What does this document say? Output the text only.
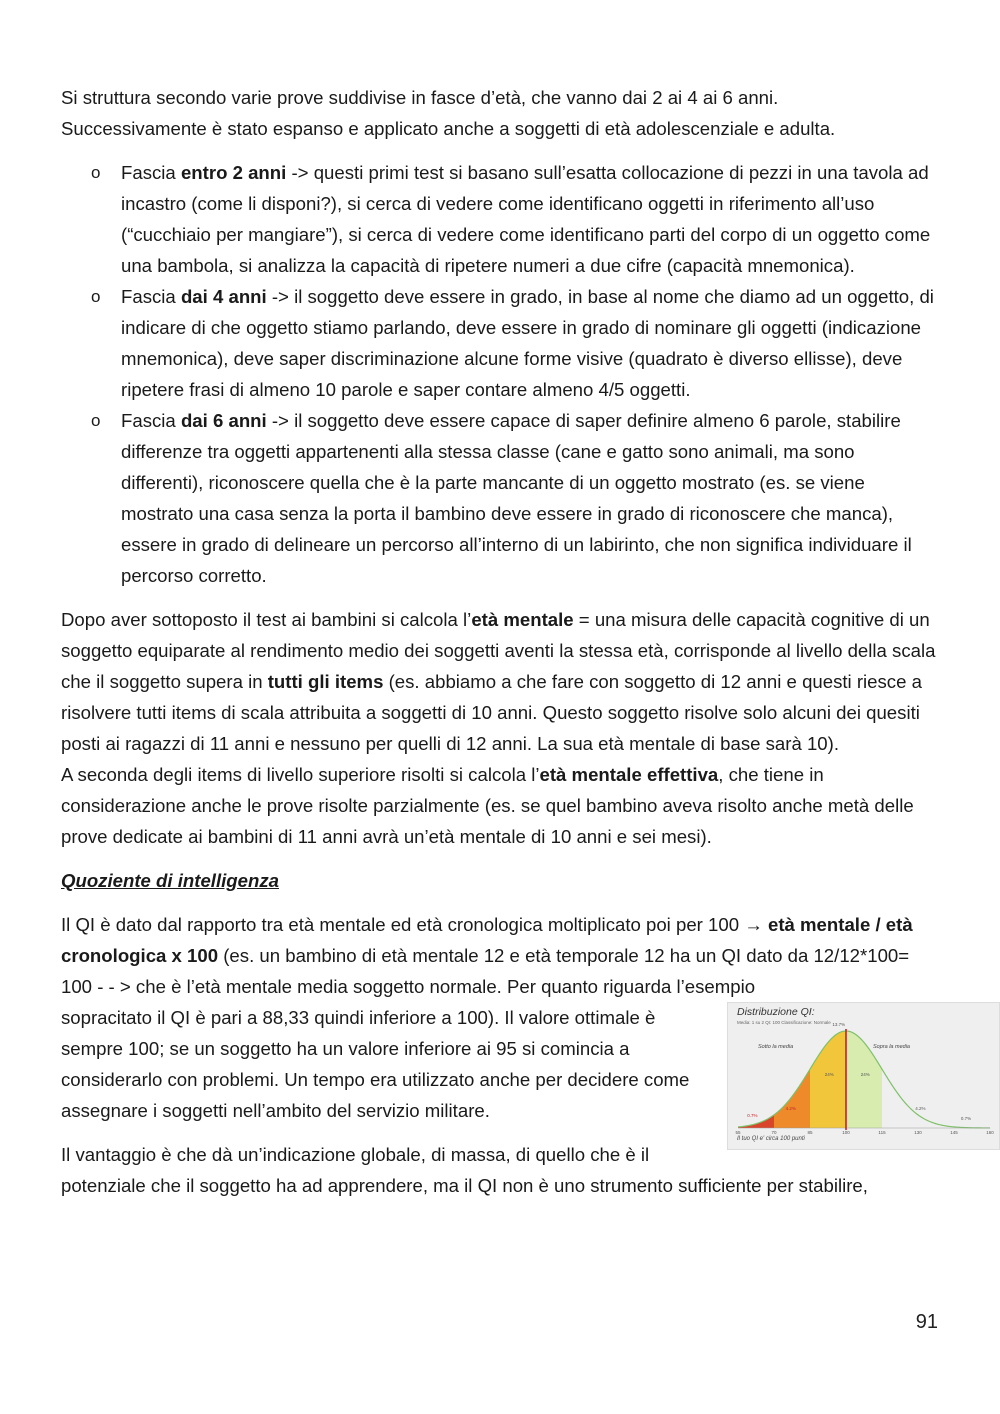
Si struttura secondo varie prove suddivise in fasce d’età, che vanno dai 2 ai 4 ai 6 anni.

Successivamente è stato espanso e applicato anche a soggetti di età adolescenziale e adulta.

o Fascia entro 2 anni -> questi primi test si basano sull’esatta collocazione di pezzi in una tavola ad incastro (come li disponi?), si cerca di vedere come identificano oggetti in riferimento all’uso (“cucchiaio per mangiare”), si cerca di vedere come identificano parti del corpo di un oggetto come una bambola, si analizza la capacità di ripetere numeri a due cifre (capacità mnemonica).
o Fascia dai 4 anni -> il soggetto deve essere in grado, in base al nome che diamo ad un oggetto, di indicare di che oggetto stiamo parlando, deve essere in grado di nominare gli oggetti (indicazione mnemonica), deve saper discriminazione alcune forme visive (quadrato è diverso ellisse), deve ripetere frasi di almeno 10 parole e saper contare almeno 4/5 oggetti.
o Fascia dai 6 anni -> il soggetto deve essere capace di saper definire almeno 6 parole, stabilire differenze tra oggetti appartenenti alla stessa classe (cane e gatto sono animali, ma sono differenti), riconoscere quella che è la parte mancante di un oggetto mostrato (es. se viene mostrato una casa senza la porta il bambino deve essere in grado di riconoscere che manca), essere in grado di delineare un percorso all’interno di un labirinto, che non significa individuare il percorso corretto.

Dopo aver sottoposto il test ai bambini si calcola l’età mentale = una misura delle capacità cognitive di un soggetto equiparate al rendimento medio dei soggetti aventi la stessa età, corrisponde al livello della scala che il soggetto supera in tutti gli items (es. abbiamo a che fare con soggetto di 12 anni e questi riesce a risolvere tutti items di scala attribuita a soggetti di 10 anni. Questo soggetto risolve solo alcuni dei quesiti posti ai ragazzi di 11 anni e nessuno per quelli di 12 anni. La sua età mentale di base sarà 10).

A seconda degli items di livello superiore risolti si calcola l’età mentale effettiva, che tiene in considerazione anche le prove risolte parzialmente (es. se quel bambino aveva risolto anche metà delle prove dedicate ai bambini di 11 anni avrà un’età mentale di 10 anni e sei mesi).

Quoziente di intelligenza

Il QI è dato dal rapporto tra età mentale ed età cronologica moltiplicato poi per 100 → età mentale / età cronologica x 100 (es. un bambino di età mentale 12 e età temporale 12 ha un QI dato da 12/12*100= 100 - - > che è l’età mentale media soggetto normale. Per quanto riguarda l’esempio

55	70	85	100	115	130	145	160
0.7%
4.2%
13.7%
24%	24%
4.2%
0.7%
Sotto la media	Sopra la media
Distribuzione QI:
Media: 1 su 2 QI: 100 Classificazione: Normale
Il tuo QI e' circa 100 punti

sopracitato il QI è pari a 88,33 quindi inferiore a 100). Il valore ottimale è sempre 100; se un soggetto ha un valore inferiore ai 95 si comincia a considerarlo con problemi. Un tempo era utilizzato anche per decidere come assegnare i soggetti nell’ambito del servizio militare.

Il vantaggio è che dà un’indicazione globale, di massa, di quello che è il

potenziale che il soggetto ha ad apprendere, ma il QI non è uno strumento sufficiente per stabilire,

91
